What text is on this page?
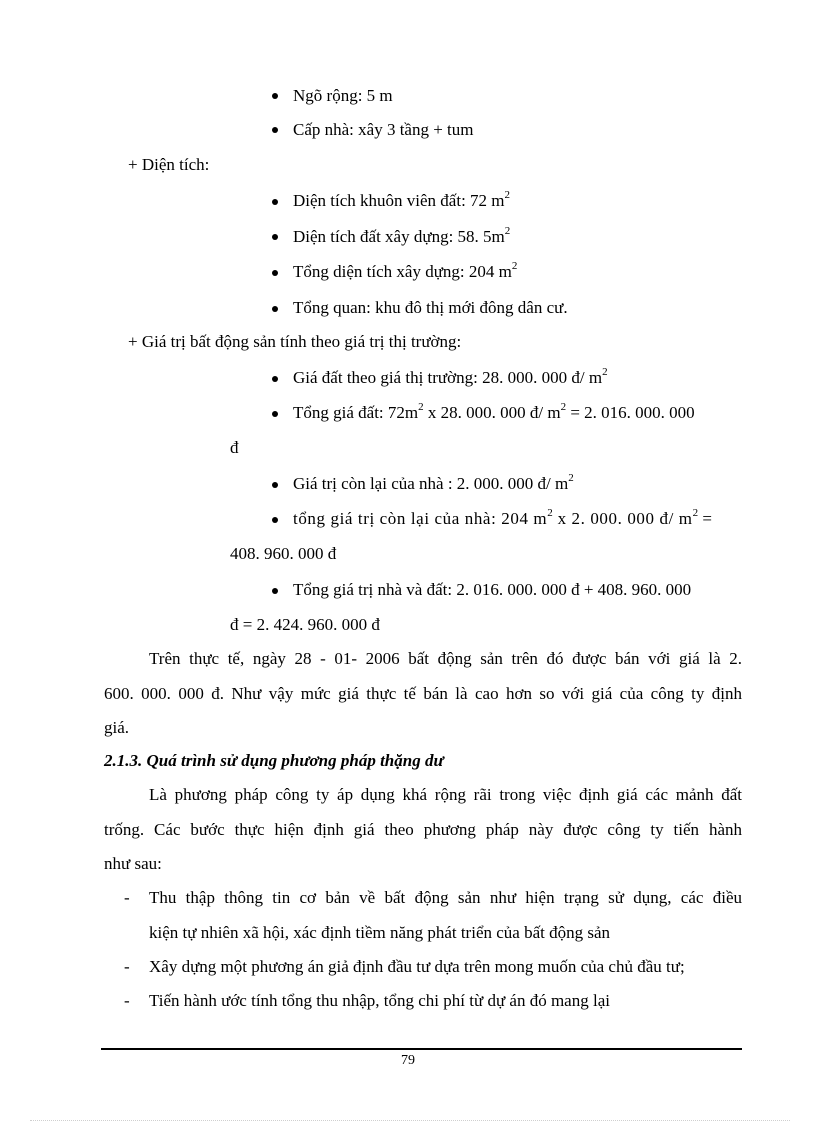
Ngõ rộng: 5 m
Cấp nhà: xây 3 tầng + tum
+ Diện tích:
Diện tích khuôn viên đất: 72 $m^2$
Diện tích đất xây dựng: 58. $5m^2$
Tổng diện tích xây dựng: 204 $m^2$
Tổng quan: khu đô thị mới đông dân cư.
+ Giá trị bất động sản tính theo giá trị thị trường:
Giá đất theo giá thị trường: 28. 000. 000 đ/ $m^2$
Tổng giá đất: $72m^2$ x 28. 000. 000 đ/ $m^2 = 2$. 016. 000. 000
đ
Giá trị còn lại của nhà : 2. 000. 000 đ/ $m^2$
tổng giá trị còn lại của nhà: 204 $m^2$ x 2. 000. 000 đ/ $m^2$ =
408. 960. 000 đ
Tổng giá trị nhà và đất: 2. 016. 000. 000 đ + 408. 960. 000
đ = 2. 424. 960. 000 đ
Trên thực tế, ngày 28 - 01- 2006 bất động sản trên đó được bán với giá là 2.
600. 000. 000 đ. Như vậy mức giá thực tế bán là cao hơn so với giá của công ty định
giá.
2.1.3. Quá trình sử dụng phương pháp thặng dư
Là phương pháp công ty áp dụng khá rộng rãi trong việc định giá các mảnh đất
trống. Các bước thực hiện định giá theo phương pháp này được công ty tiến hành
như sau:
- Thu thập thông tin cơ bản về bất động sản như hiện trạng sử dụng, các điều
kiện tự nhiên xã hội, xác định tiềm năng phát triển của bất động sản
- Xây dựng một phương án giả định đầu tư dựa trên mong muốn của chủ đầu tư;
- Tiến hành ước tính tổng thu nhập, tổng chi phí từ dự án đó mang lại
79
